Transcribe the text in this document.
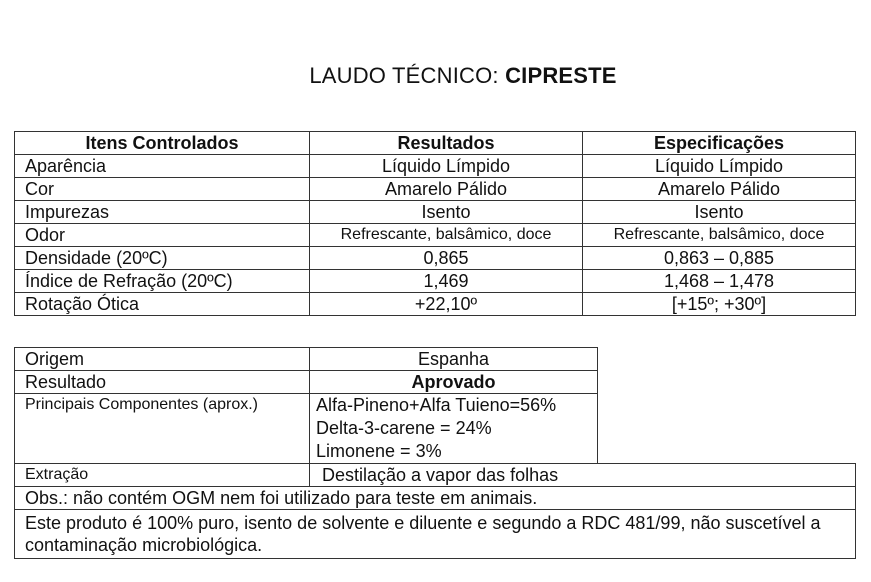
LAUDO TÉCNICO: CIPRESTE
Itens Controlados	Resultados	Especificações
Aparência	Líquido Límpido	Líquido Límpido
Cor	Amarelo Pálido	Amarelo Pálido
Impurezas	Isento	Isento
Odor	Refrescante, balsâmico, doce	Refrescante, balsâmico, doce
Densidade (20ºC)	0,865	0,863 – 0,885
Índice de Refração (20ºC)	1,469	1,468 – 1,478
Rotação Ótica	+22,10º	[+15º; +30º]
Origem	Espanha	
Resultado	Aprovado	
Principais Componentes (aprox.)	Alfa-Pineno+Alfa Tuieno=56%
Delta-3-carene = 24%
Limonene = 3%	

Extração	Destilação a vapor das folhas	
Obs.: não contém OGM nem foi utilizado para teste em animais.		
Este produto é 100% puro, isento de solvente e diluente e segundo a RDC 481/99, não suscetível a contaminação microbiológica.		
